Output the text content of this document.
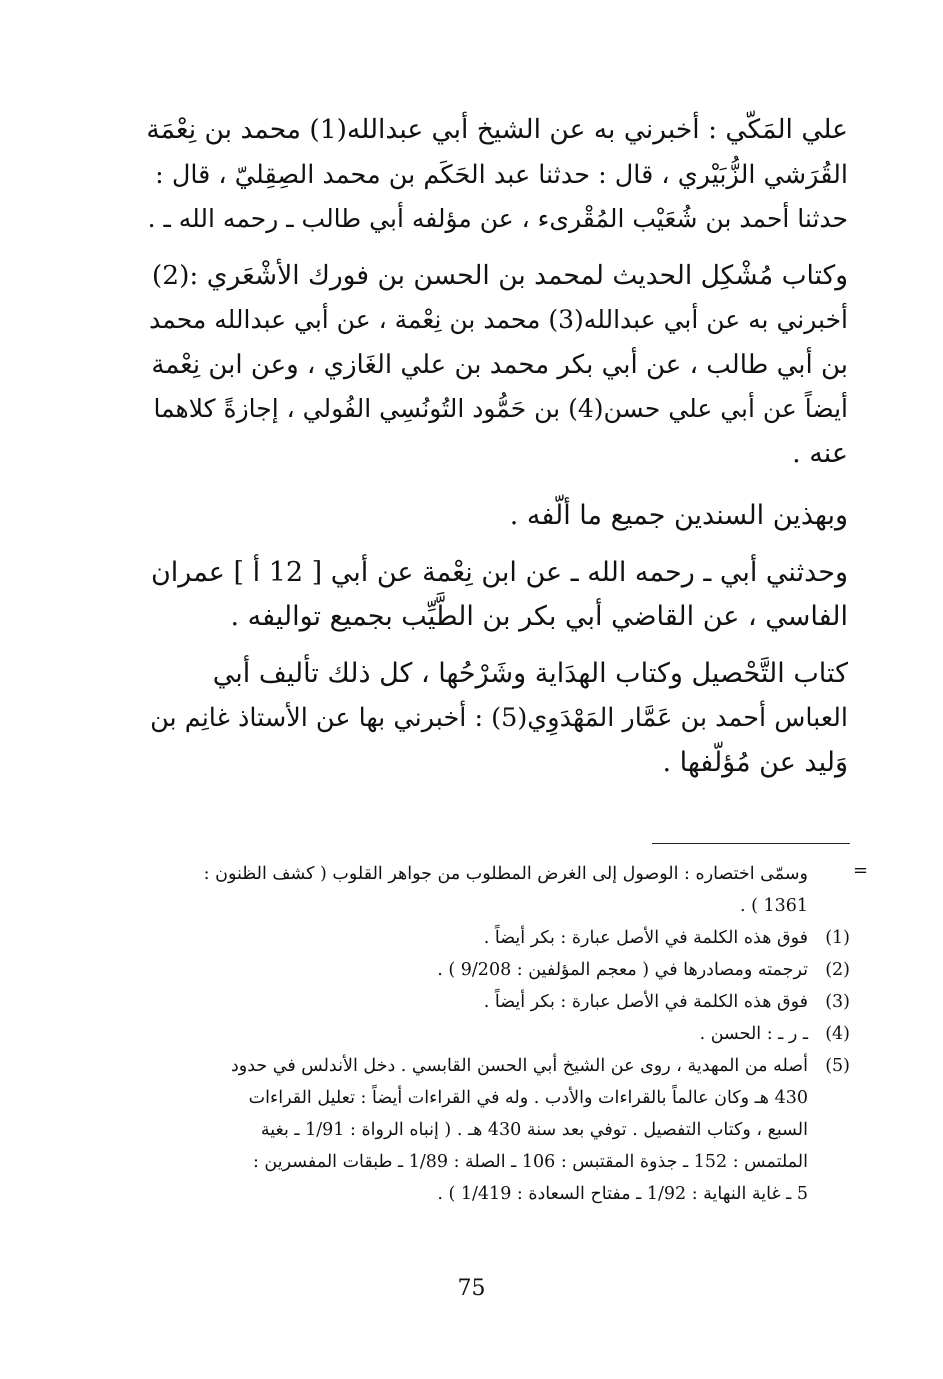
علي المَكّي : أخبرني به عن الشيخ أبي عبدالله(1) محمد بن نِعْمَة
القُرَشي الزُّبَيْري ، قال : حدثنا عبد الحَكَم بن محمد الصِقِليّ ، قال :
حدثنا أحمد بن شُعَيْب المُقْرىء ، عن مؤلفه أبي طالب ـ رحمه الله ـ .
وكتاب مُشْكِل الحديث لمحمد بن الحسن بن فورك الأشْعَري :(2)
أخبرني به عن أبي عبدالله(3) محمد بن نِعْمة ، عن أبي عبدالله محمد
بن أبي طالب ، عن أبي بكر محمد بن علي الغَازي ، وعن ابن نِعْمة
أيضاً عن أبي علي حسن(4) بن حَمُّود التُونُسِي الفُولي ، إجازةً كلاهما
عنه .
وبهذين السندين جميع ما ألّفه .
وحدثني أبي ـ رحمه الله ـ عن ابن نِعْمة عن أبي [ 12 أ ] عمران
الفاسي ، عن القاضي أبي بكر بن الطَّيِّب بجميع تواليفه .
كتاب التَّحْصيل وكتاب الهدَاية وشَرْحُها ، كل ذلك تأليف أبي
العباس أحمد بن عَمَّار المَهْدَوِي(5) : أخبرني بها عن الأستاذ غانِم بن
وَليد عن مُؤلّفها .
=
وسمّى اختصاره : الوصول إلى الغرض المطلوب من جواهر القلوب ( كشف الظنون :
1361 ) .
(1)فوق هذه الكلمة في الأصل عبارة : بكر أيضاً .
(2)ترجمته ومصادرها في ( معجم المؤلفين : 9/208 ) .
(3)فوق هذه الكلمة في الأصل عبارة : بكر أيضاً .
(4)ـ ر ـ : الحسن .
(5)أصله من المهدية ، روى عن الشيخ أبي الحسن القابسي . دخل الأندلس في حدود
430 هـ وكان عالماً بالقراءات والأدب . وله في القراءات أيضاً : تعليل القراءات
السبع ، وكتاب التفصيل . توفي بعد سنة 430 هـ . ( إنباه الرواة : 1/91 ـ بغية
الملتمس : 152 ـ جذوة المقتبس : 106 ـ الصلة : 1/89 ـ طبقات المفسرين :
5 ـ غاية النهاية : 1/92 ـ مفتاح السعادة : 1/419 ) .
75
